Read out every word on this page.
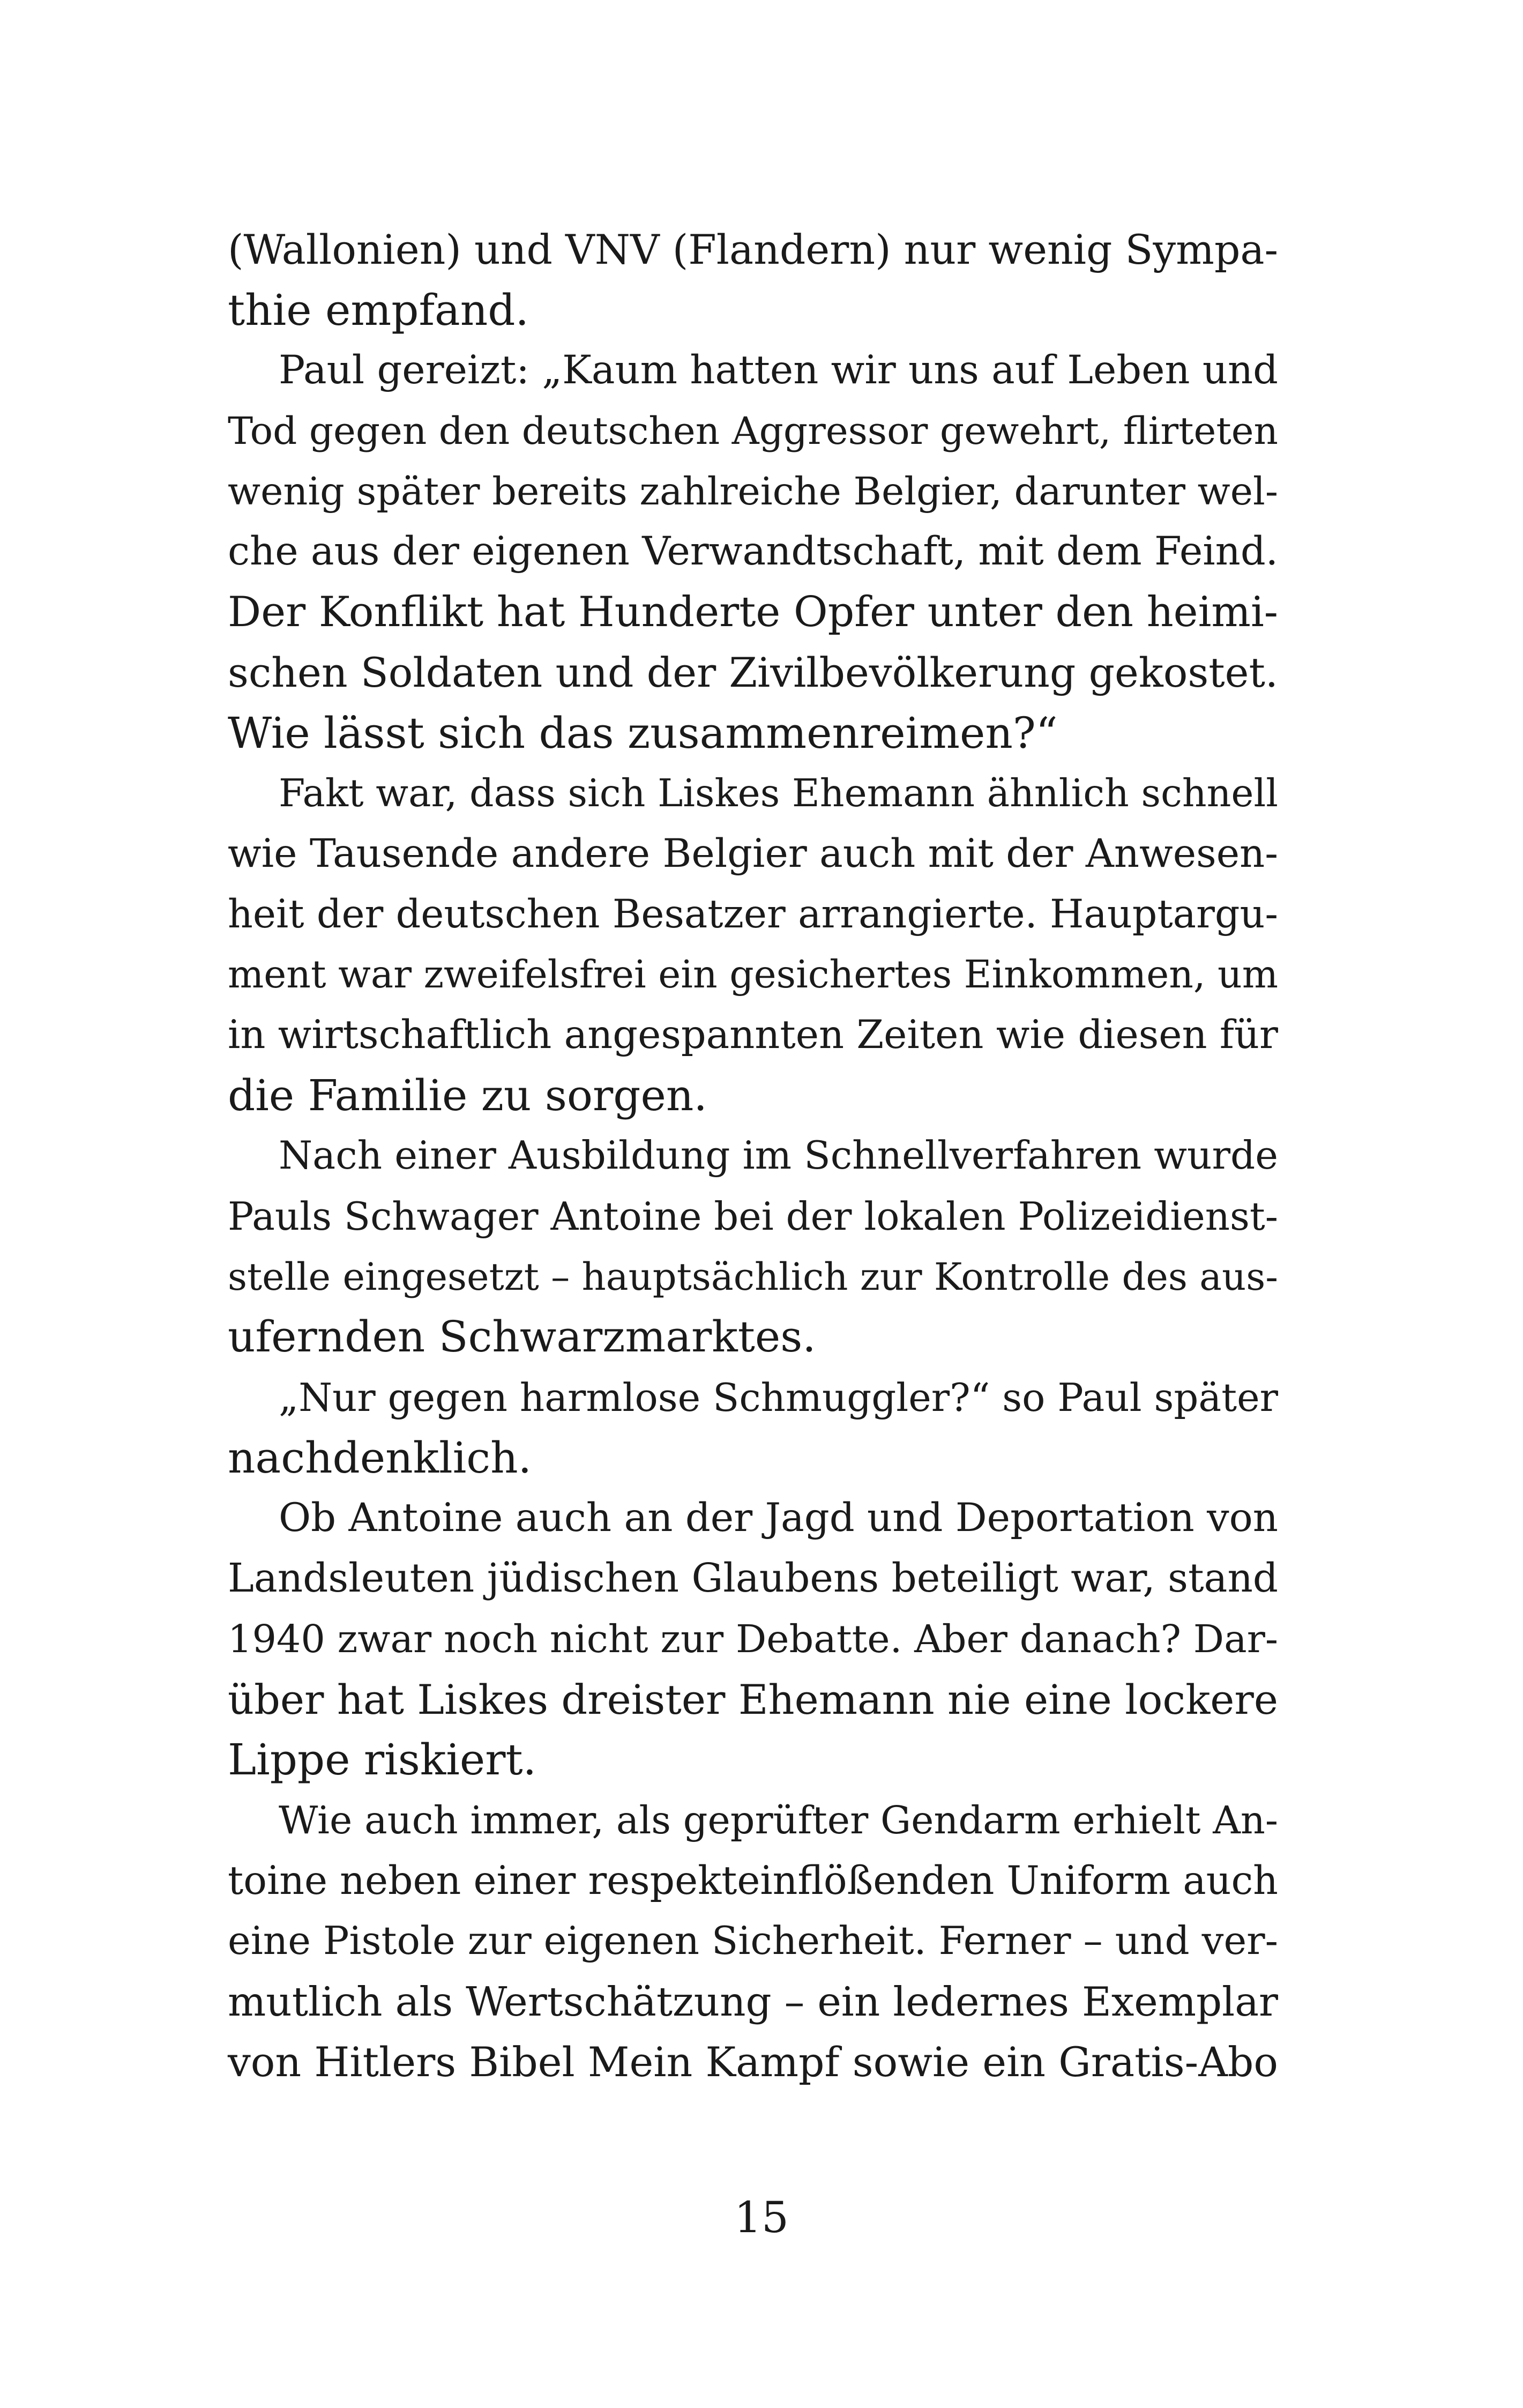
(Wallonien) und VNV (Flandern) nur wenig Sympa-
thie empfand.
Paul gereizt: „Kaum hatten wir uns auf Leben und
Tod gegen den deutschen Aggressor gewehrt, flirteten
wenig später bereits zahlreiche Belgier, darunter wel-
che aus der eigenen Verwandtschaft, mit dem Feind.
Der Konflikt hat Hunderte Opfer unter den heimi-
schen Soldaten und der Zivilbevölkerung gekostet.
Wie lässt sich das zusammenreimen?“
Fakt war, dass sich Liskes Ehemann ähnlich schnell
wie Tausende andere Belgier auch mit der Anwesen-
heit der deutschen Besatzer arrangierte. Hauptargu-
ment war zweifelsfrei ein gesichertes Einkommen, um
in wirtschaftlich angespannten Zeiten wie diesen für
die Familie zu sorgen.
Nach einer Ausbildung im Schnellverfahren wurde
Pauls Schwager Antoine bei der lokalen Polizeidienst-
stelle eingesetzt – hauptsächlich zur Kontrolle des aus-
ufernden Schwarzmarktes.
„Nur gegen harmlose Schmuggler?“ so Paul später
nachdenklich.
Ob Antoine auch an der Jagd und Deportation von
Landsleuten jüdischen Glaubens beteiligt war, stand
1940 zwar noch nicht zur Debatte. Aber danach? Dar-
über hat Liskes dreister Ehemann nie eine lockere
Lippe riskiert.
Wie auch immer, als geprüfter Gendarm erhielt An-
toine neben einer respekteinflößenden Uniform auch
eine Pistole zur eigenen Sicherheit. Ferner – und ver-
mutlich als Wertschätzung – ein ledernes Exemplar
von Hitlers Bibel Mein Kampf sowie ein Gratis-Abo
15
